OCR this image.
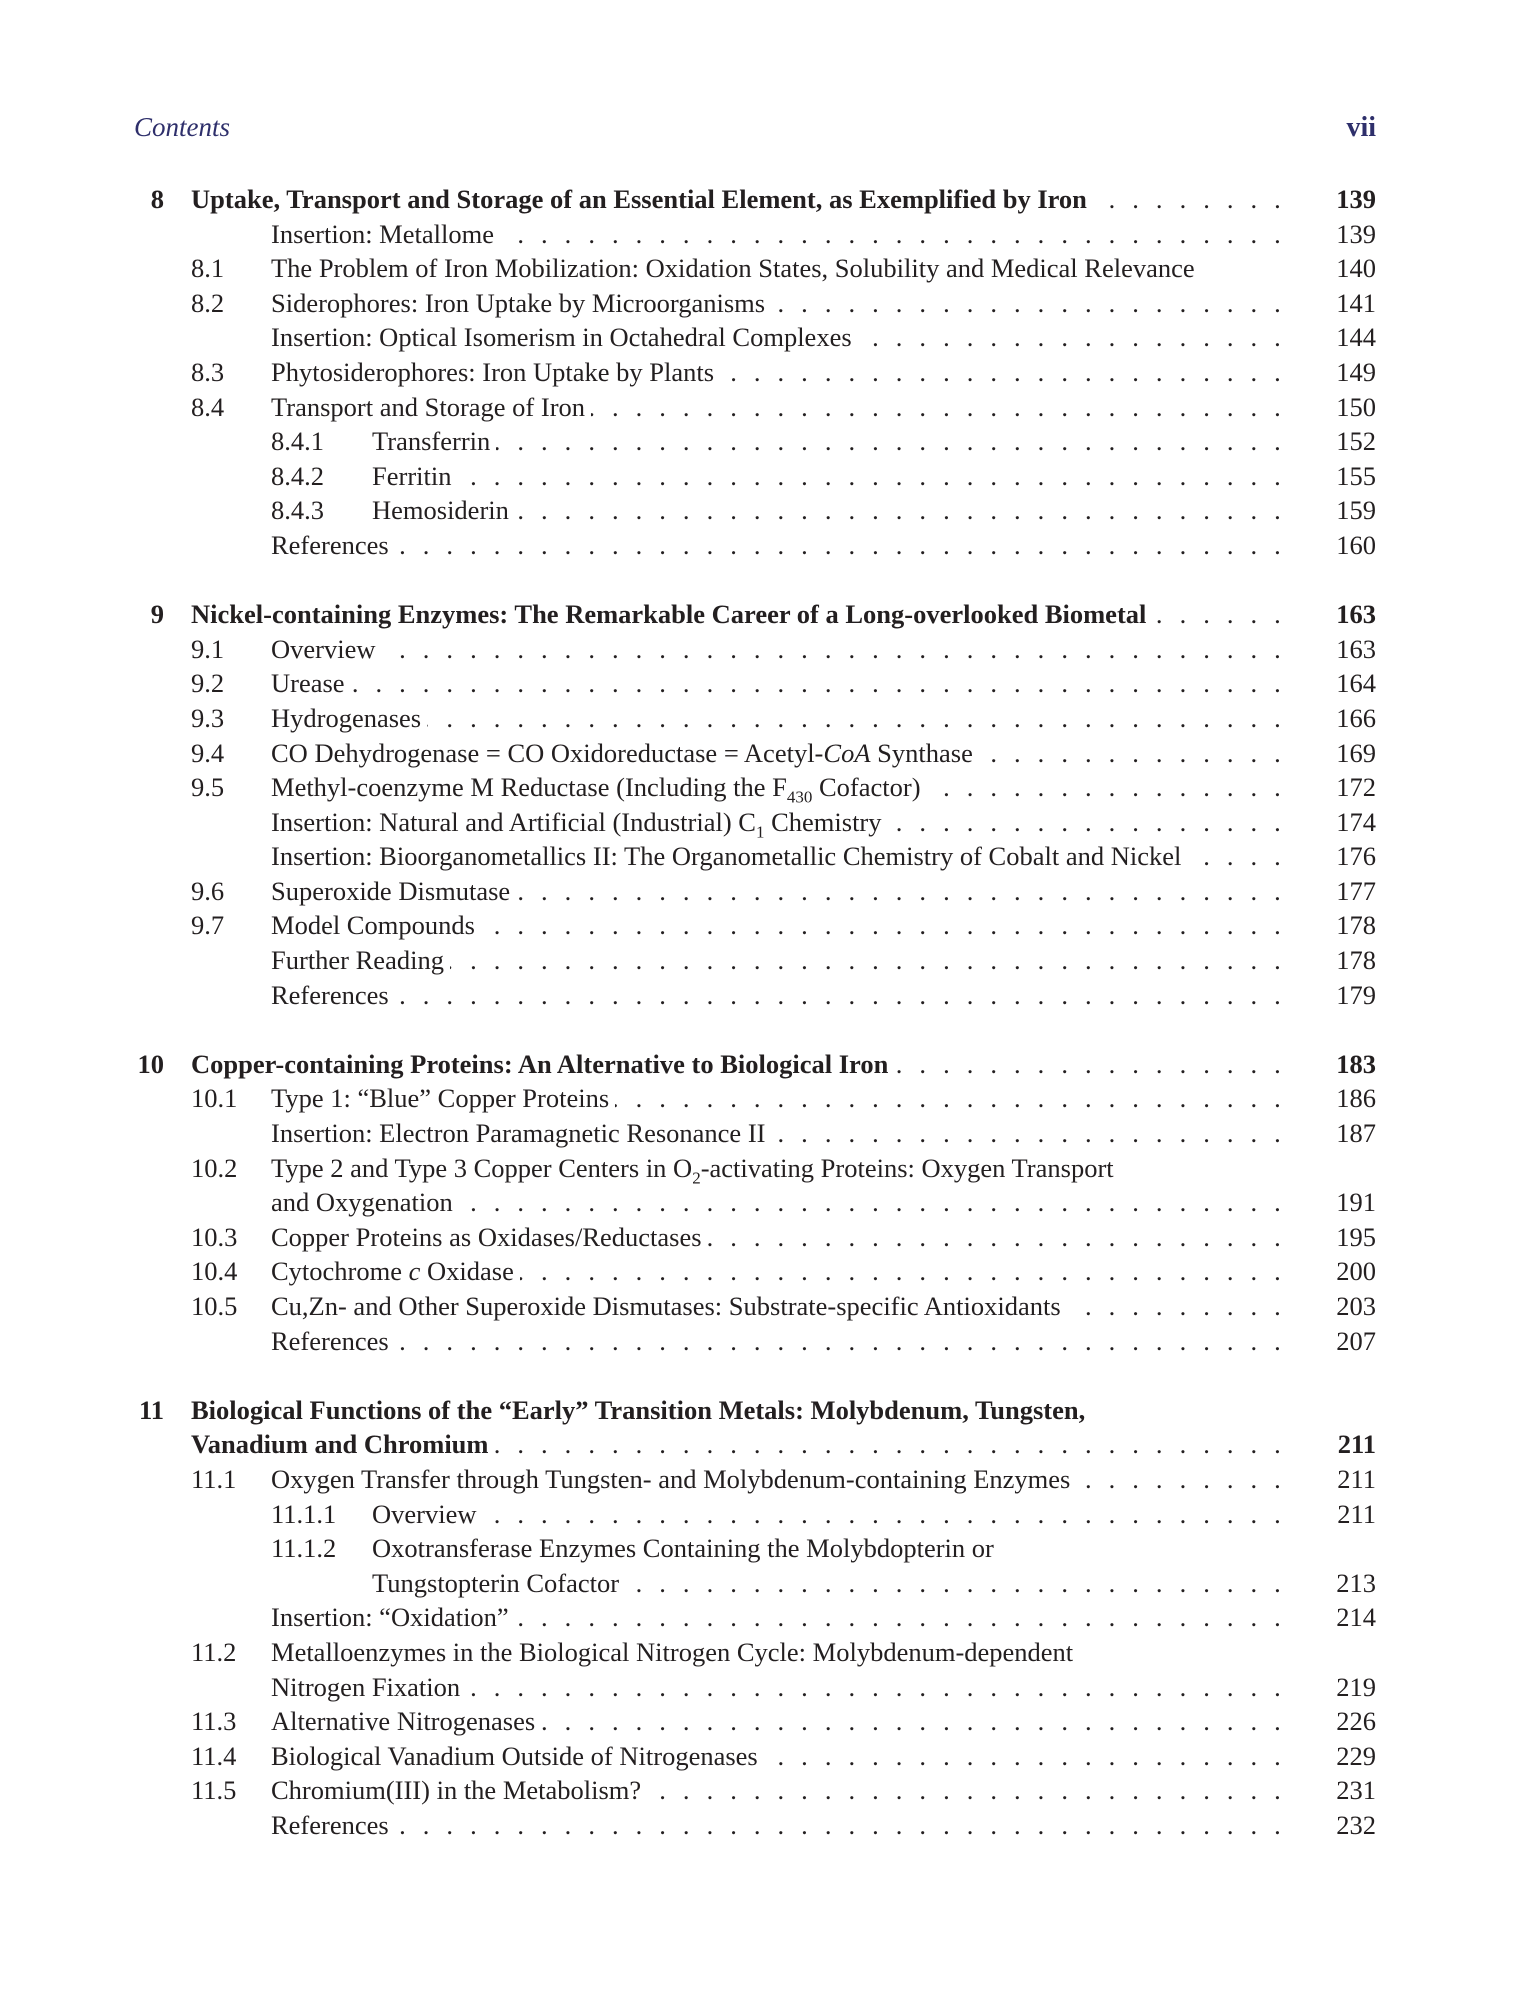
Contents	vii
8 Uptake, Transport and Storage of an Essential Element, as Exemplified by Iron . . .	139
Insertion: Metallome . . .	139
8.1 The Problem of Iron Mobilization: Oxidation States, Solubility and Medical Relevance	140
8.2 Siderophores: Iron Uptake by Microorganisms . . .	141
Insertion: Optical Isomerism in Octahedral Complexes . . .	144
8.3 Phytosiderophores: Iron Uptake by Plants . . .	149
8.4 Transport and Storage of Iron . . .	150
8.4.1 Transferrin . . .	152
8.4.2 Ferritin . . .	155
8.4.3 Hemosiderin . . .	159
References . . .	160
9 Nickel-containing Enzymes: The Remarkable Career of a Long-overlooked Biometal . . .	163
9.1 Overview . . .	163
9.2 Urease . . .	164
9.3 Hydrogenases . . .	166
9.4 CO Dehydrogenase = CO Oxidoreductase = Acetyl-CoA Synthase . . .	169
9.5 Methyl-coenzyme M Reductase (Including the $F_{430}$ Cofactor) . . .	172
Insertion: Natural and Artificial (Industrial) $C_1$ Chemistry . . .	174
Insertion: Bioorganometallics II: The Organometallic Chemistry of Cobalt and Nickel . . .	176
9.6 Superoxide Dismutase . . .	177
9.7 Model Compounds . . .	178
Further Reading . . .	178
References . . .	179
10 Copper-containing Proteins: An Alternative to Biological Iron . . .	183
10.1 Type 1: “Blue” Copper Proteins . . .	186
Insertion: Electron Paramagnetic Resonance II . . .	187
10.2 Type 2 and Type 3 Copper Centers in $O_2$-activating Proteins: Oxygen Transport
and Oxygenation . . .	191
10.3 Copper Proteins as Oxidases/Reductases . . .	195
10.4 Cytochrome c Oxidase . . .	200
10.5 Cu,Zn- and Other Superoxide Dismutases: Substrate-specific Antioxidants . . .	203
References . . .	207
11 Biological Functions of the “Early” Transition Metals: Molybdenum, Tungsten,
Vanadium and Chromium . . .	211
11.1 Oxygen Transfer through Tungsten- and Molybdenum-containing Enzymes . . .	211
11.1.1 Overview . . .	211
11.1.2 Oxotransferase Enzymes Containing the Molybdopterin or
Tungstopterin Cofactor . . .	213
Insertion: “Oxidation” . . .	214
11.2 Metalloenzymes in the Biological Nitrogen Cycle: Molybdenum-dependent
Nitrogen Fixation . . .	219
11.3 Alternative Nitrogenases . . .	226
11.4 Biological Vanadium Outside of Nitrogenases . . .	229
11.5 Chromium(III) in the Metabolism? . . .	231
References . . .	232
